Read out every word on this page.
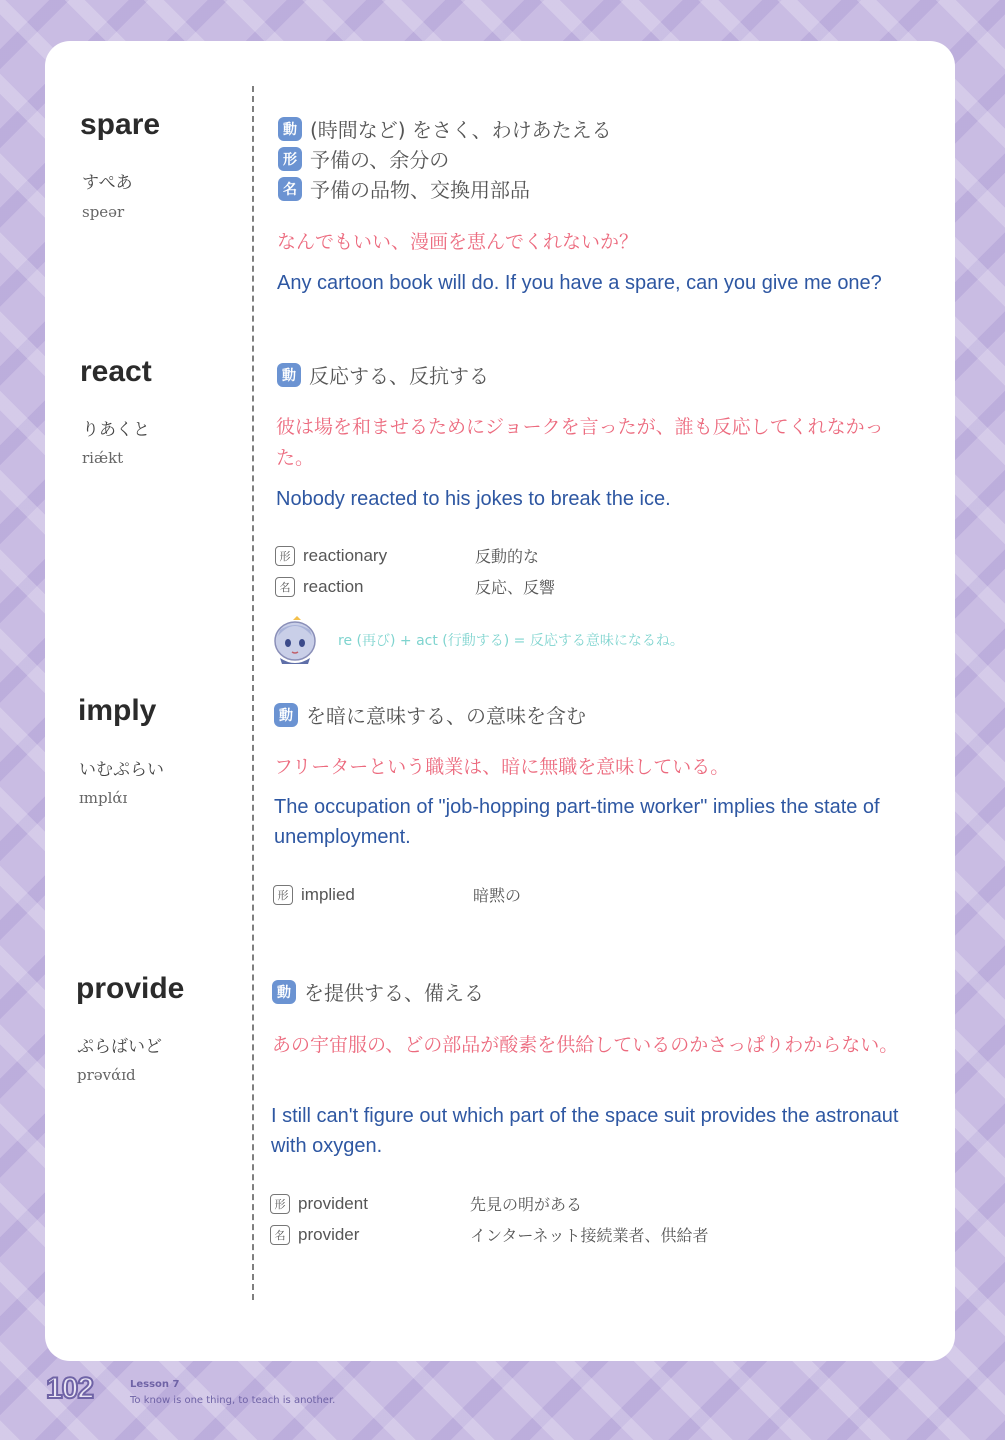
spare
すぺあ
speər
動 (時間など) をさく、わけあたえる
形 予備の、余分の
名 予備の品物、交換用部品
なんでもいい、漫画を恵んでくれないか？
Any cartoon book will do. If you have a spare, can you give me one?
react
りあくと
riǽkt
動 反応する、反抗する
彼は場を和ませるためにジョークを言ったが、誰も反応してくれなかった。
Nobody reacted to his jokes to break the ice.
形 reactionary	反動的な
名 reaction	反応、反響
re (再び) + act (行動する) = 反応する意味になるね。
imply
いむぷらい
ɪmplάɪ
動 を暗に意味する、の意味を含む
フリーターという職業は、暗に無職を意味している。
The occupation of "job-hopping part-time worker" implies the state of unemployment.
形 implied	暗黙の
provide
ぷらばいど
prəvάɪd
動 を提供する、備える
あの宇宙服の、どの部品が酸素を供給しているのかさっぱりわからない。
I still can't figure out which part of the space suit provides the astronaut with oxygen.
形 provident	先見の明がある
名 provider	インターネット接続業者、供給者
102	Lesson 7
To know is one thing, to teach is another.
